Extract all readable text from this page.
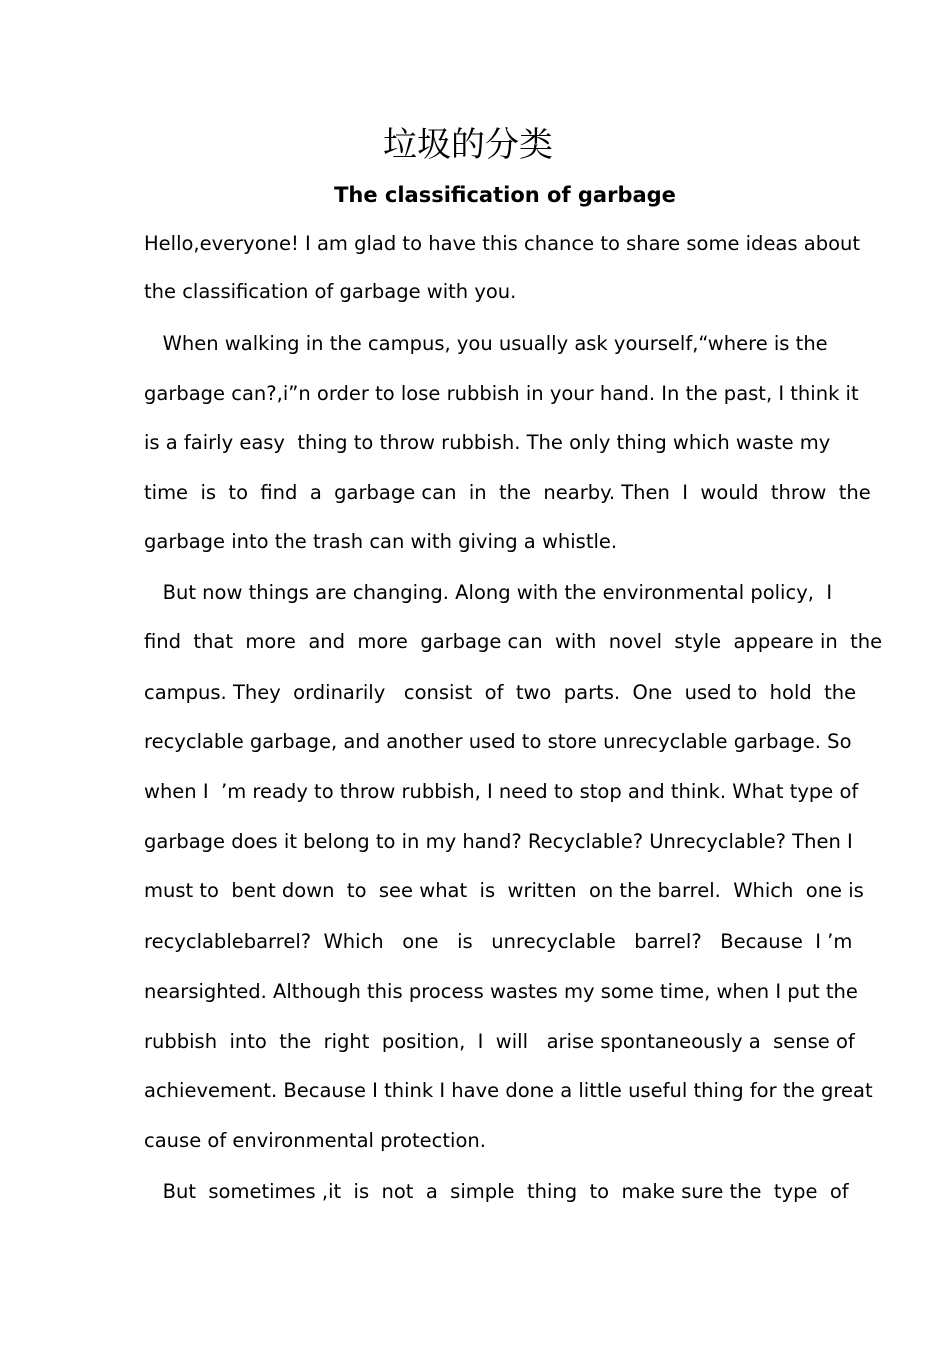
垃圾的分类
The classification of garbage

Hello,everyone! I am glad to have this chance to share some ideas about

the classification of garbage with you.

When walking in the campus, you usually ask yourself,“where is the

garbage can?,i”n order to lose rubbish in your hand. In the past, I think it

is a fairly easy  thing to throw rubbish. The only thing which waste my

time  is  to  find  a  garbage can  in  the  nearby. Then  I  would  throw  the

garbage into the trash can with giving a whistle.

But now things are changing. Along with the environmental policy,  I

find  that  more  and  more  garbage can  with  novel  style  appeare in  the

campus. They  ordinarily   consist  of  two  parts.  One  used to  hold  the

recyclable garbage, and another used to store unrecyclable garbage. So

when I  ’m ready to throw rubbish, I need to stop and think. What type of

garbage does it belong to in my hand? Recyclable? Unrecyclable? Then I

must to  bent down  to  see what  is  written  on the barrel.  Which  one is

recyclablebarrel?  Which   one   is   unrecyclable   barrel?   Because  I ’m

nearsighted. Although this process wastes my some time, when I put the

rubbish  into  the  right  position,  I  will   arise spontaneously a  sense of

achievement. Because I think I have done a little useful thing for the great

cause of environmental protection.

But  sometimes ,it  is  not  a  simple  thing  to  make sure the  type  of
